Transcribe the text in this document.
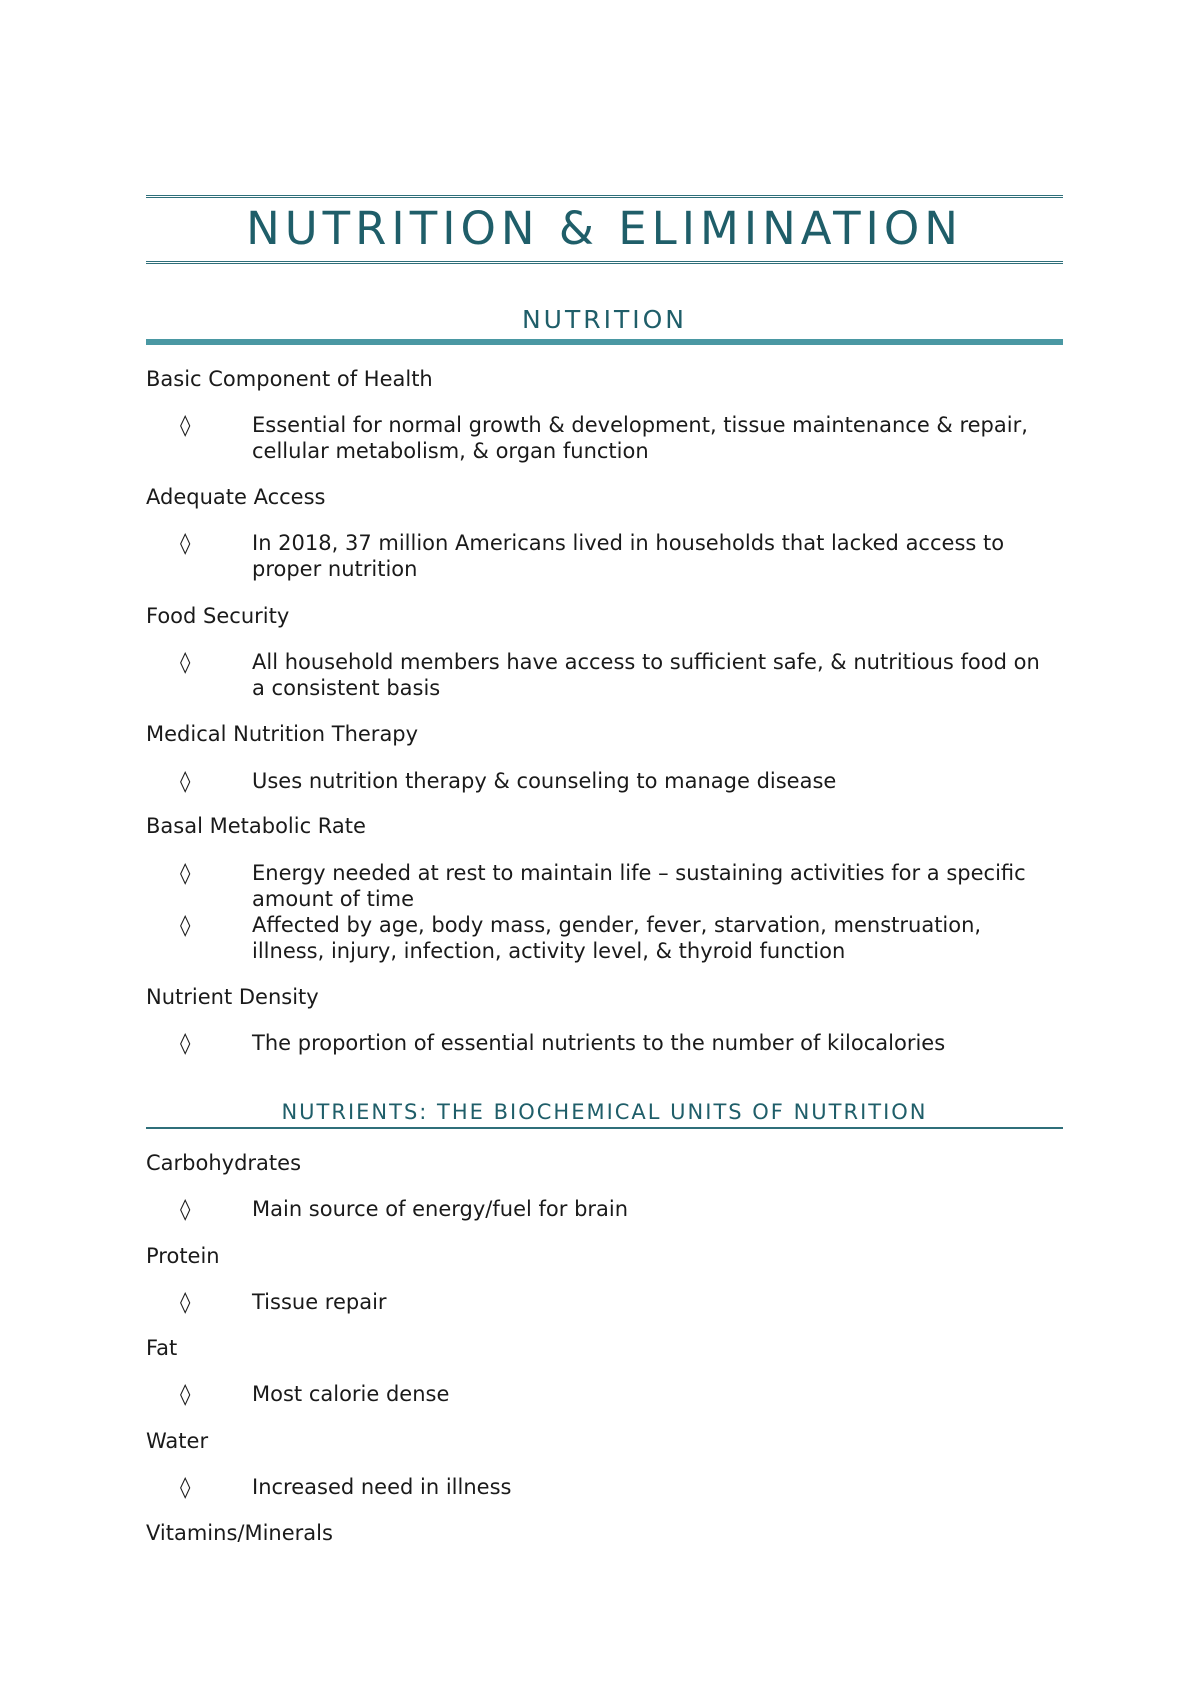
NUTRITION & ELIMINATION
NUTRITION
Basic Component of Health
◊	Essential for normal growth & development, tissue maintenance & repair, cellular metabolism, & organ function
Adequate Access
◊	In 2018, 37 million Americans lived in households that lacked access to proper nutrition
Food Security
◊	All household members have access to sufficient safe, & nutritious food on a consistent basis
Medical Nutrition Therapy
◊	Uses nutrition therapy & counseling to manage disease
Basal Metabolic Rate
◊	Energy needed at rest to maintain life – sustaining activities for a specific amount of time
◊	Affected by age, body mass, gender, fever, starvation, menstruation, illness, injury, infection, activity level, & thyroid function
Nutrient Density
◊	The proportion of essential nutrients to the number of kilocalories
NUTRIENTS: THE BIOCHEMICAL UNITS OF NUTRITION
Carbohydrates
◊	Main source of energy/fuel for brain
Protein
◊	Tissue repair
Fat
◊	Most calorie dense
Water
◊	Increased need in illness
Vitamins/Minerals
